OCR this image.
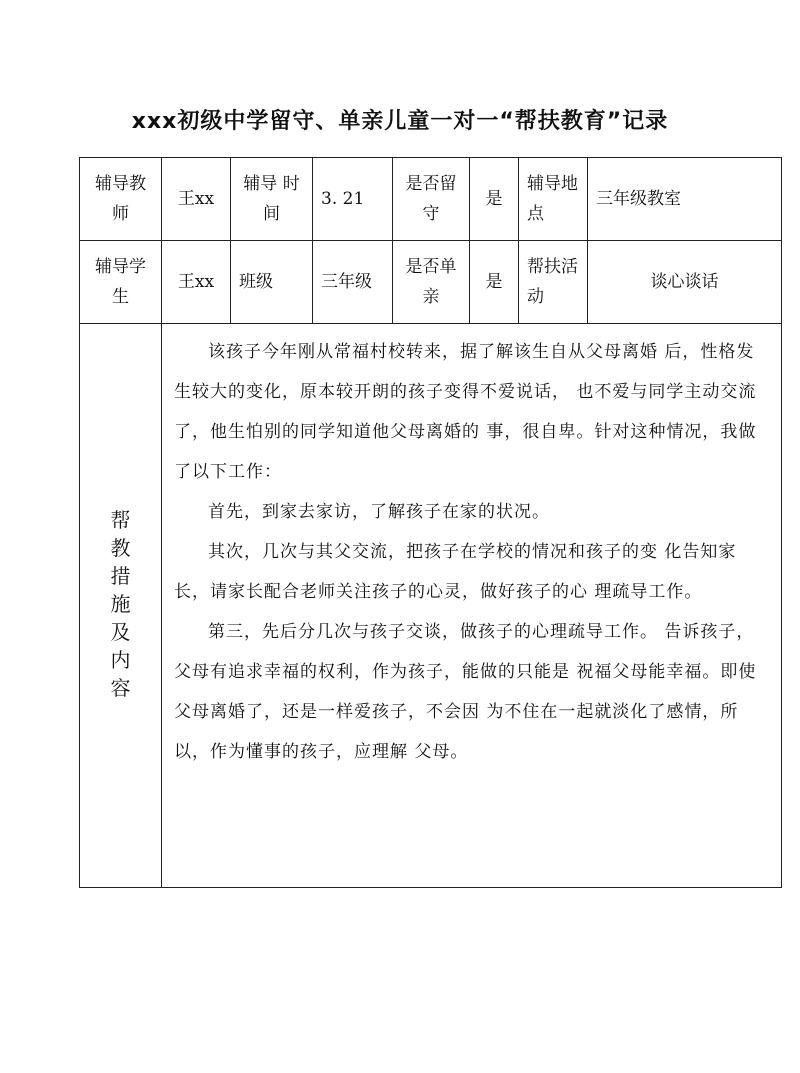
xxx初级中学留守、单亲儿童一对一“帮扶教育”记录
辅导教师	王xx	辅导 时间	3. 21	是否留守	是	辅导地点	三年级教室
辅导学生	王xx	班级	三年级	是否单亲	是	帮扶活动	谈心谈话
帮教措施及内容	该孩子今年刚从常福村校转来，据了解该生自从父母离婚 后，性格发生较大的变化，原本较开朗的孩子变得不爱说话， 也不爱与同学主动交流了，他生怕别的同学知道他父母离婚的 事，很自卑。针对这种情况，我做了以下工作：

首先，到家去家访，了解孩子在家的状况。

其次，几次与其父交流，把孩子在学校的情况和孩子的变 化告知家长，请家长配合老师关注孩子的心灵，做好孩子的心 理疏导工作。

第三，先后分几次与孩子交谈，做孩子的心理疏导工作。 告诉孩子，父母有追求幸福的权利，作为孩子，能做的只能是 祝福父母能幸福。即使父母离婚了，还是一样爱孩子，不会因 为不住在一起就淡化了感情，所以，作为懂事的孩子，应理解 父母。						
